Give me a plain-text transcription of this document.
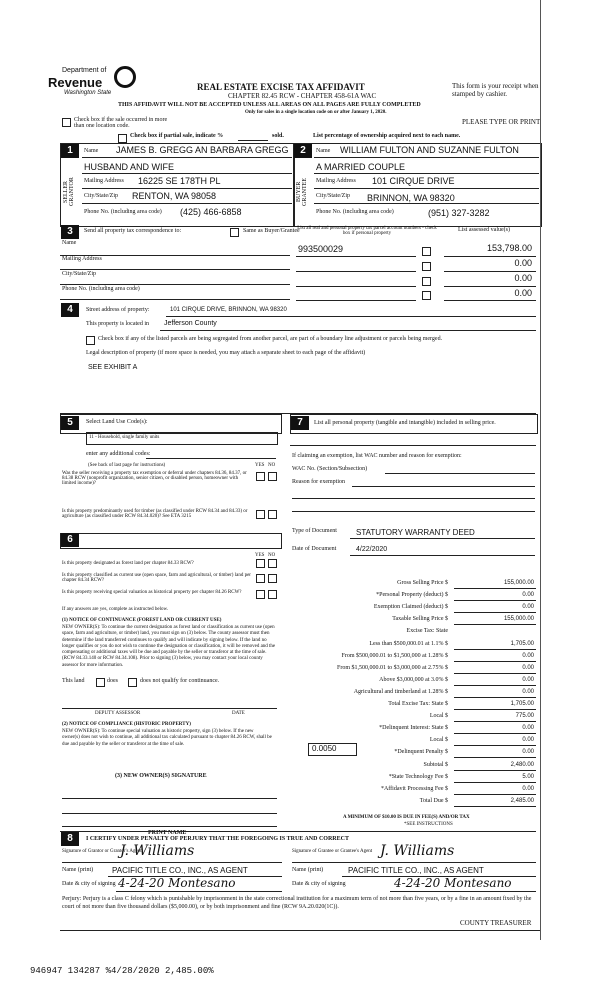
Department of
Revenue
Washington State
REAL ESTATE EXCISE TAX AFFIDAVIT
CHAPTER 82.45 RCW - CHAPTER 458-61A WAC
THIS AFFIDAVIT WILL NOT BE ACCEPTED UNLESS ALL AREAS ON ALL PAGES ARE FULLY COMPLETED
Only for sales in a single location code on or after January 1, 2020.
This form is your receipt when stamped by cashier.
PLEASE TYPE OR PRINT
Check box if the sale occurred in more than one location code.
Check box if partial sale, indicate %	sold.	List percentage of ownership acquired next to each name.
1	2
SELLER GRANTOR	BUYER GRANTEE
Name JAMES B. GREGG AN BARBARA GREGG
HUSBAND AND WIFE
Mailing Address 16225 SE 178TH PL
City/State/Zip RENTON, WA 98058
Phone No. (including area code) (425) 466-6858
Name WILLIAM FULTON AND SUZANNE FULTON
A MARRIED COUPLE
Mailing Address 101 CIRQUE DRIVE
City/State/Zip BRINNON, WA 98320
Phone No. (including area code)	(951) 327-3282
3	Send all property tax correspondence to:	Same as Buyer/Grantee
List all real and personal property tax parcel account numbers - check box if personal property
List assessed value(s)
Name
Mailing Address
City/State/Zip
Phone No. (including area code)
993500029	153,798.00
0.00
0.00
0.00
4	Street address of property:	101 CIRQUE DRIVE, BRINNON, WA 98320
This property is located in Jefferson County
Check box if any of the listed parcels are being segregated from another parcel, are part of a boundary line adjustment or parcels being merged.
Legal description of property (if more space is needed, you may attach a separate sheet to each page of the affidavit)
SEE EXHIBIT A
5	Select Land Use Code(s):
11 - Household, single family units
enter any additional codes:
(See back of last page for instructions)	YES NO
Was the seller receiving a property tax exemption or deferral under chapters 84.36, 84.37, or 84.38 RCW (nonprofit organization, senior citizen, or disabled person, homeowner with limited income)?
Is this property predominantly used for timber (as classified under RCW 84.34 and 84.33) or agriculture (as classified under RCW 84.34.020)? See ETA 3215
6
YES NO
Is this property designated as forest land per chapter 84.33 RCW?
Is this property classified as current use (open space, farm and agricultural, or timber) land per chapter 84.34 RCW?
Is this property receiving special valuation as historical property per chapter 84.26 RCW?
If any answers are yes, complete as instructed below.
(1) NOTICE OF CONTINUANCE (FOREST LAND OR CURRENT USE)
NEW OWNER(S): To continue the current designation as forest land or classification as current use (open space, farm and agriculture, or timber) land, you must sign on (3) below. The county assessor must then determine if the land transferred continues to qualify and will indicate by signing below. If the land no longer qualifies or you do not wish to continue the designation or classification, it will be removed and the compensating or additional taxes will be due and payable by the seller or transferor at the time of sale. (RCW 84.33.140 or RCW 84.34.108). Prior to signing (3) below, you may contact your local county assessor for more information.
This land	does	does not qualify for continuance.
DEPUTY ASSESSOR	DATE
(2) NOTICE OF COMPLIANCE (HISTORIC PROPERTY)
NEW OWNER(S): To continue special valuation as historic property, sign (3) below. If the new owner(s) does not wish to continue, all additional tax calculated pursuant to chapter 84.26 RCW, shall be due and payable by the seller or transferor at the time of sale.
(3) NEW OWNER(S) SIGNATURE
PRINT NAME
7	List all personal property (tangible and intangible) included in selling price.
If claiming an exemption, list WAC number and reason for exemption:
WAC No. (Section/Subsection)
Reason for exemption
Type of Document STATUTORY WARRANTY DEED
Date of Document	4/22/2020
Gross Selling Price $	155,000.00
*Personal Property (deduct) $	0.00
Exemption Claimed (deduct) $	0.00
Taxable Selling Price $	155,000.00
Excise Tax: State
Less than $500,000.01 at 1.1% $	1,705.00
From $500,000.01 to $1,500,000 at 1.28% $	0.00
From $1,500,000.01 to $3,000,000 at 2.75% $	0.00
Above $3,000,000 at 3.0% $	0.00
Agricultural and timberland at 1.28% $	0.00
Total Excise Tax: State $	1,705.00
Local $	775.00
*Delinquent Interest: State $	0.00
Local $	0.00
*Delinquent Penalty $	0.00
Subtotal $	2,480.00
*State Technology Fee $	5.00
*Affidavit Processing Fee $	0.00
Total Due $	2,485.00
0.0050
A MINIMUM OF $10.00 IS DUE IN FEE(S) AND/OR TAX
*SEE INSTRUCTIONS
8	I CERTIFY UNDER PENALTY OF PERJURY THAT THE FOREGOING IS TRUE AND CORRECT
Signature of Grantor or Grantor's Agent
J. Williams	Signature of Grantee or Grantee's Agent J. Williams
Name (print) PACIFIC TITLE CO., INC., AS AGENT	Name (print)	PACIFIC TITLE CO., INC., AS AGENT
Date & city of signing 4-24-20 Montesano	Date & city of signing	4-24-20 Montesano
Perjury: Perjury is a class C felony which is punishable by imprisonment in the state correctional institution for a maximum term of not more than five years, or by a fine in an amount fixed by the court of not more than five thousand dollars ($5,000.00), or by both imprisonment and fine (RCW 9A.20.020(1C)).
COUNTY TREASURER
946947 134287 %4/28/2020 2,485.00%
